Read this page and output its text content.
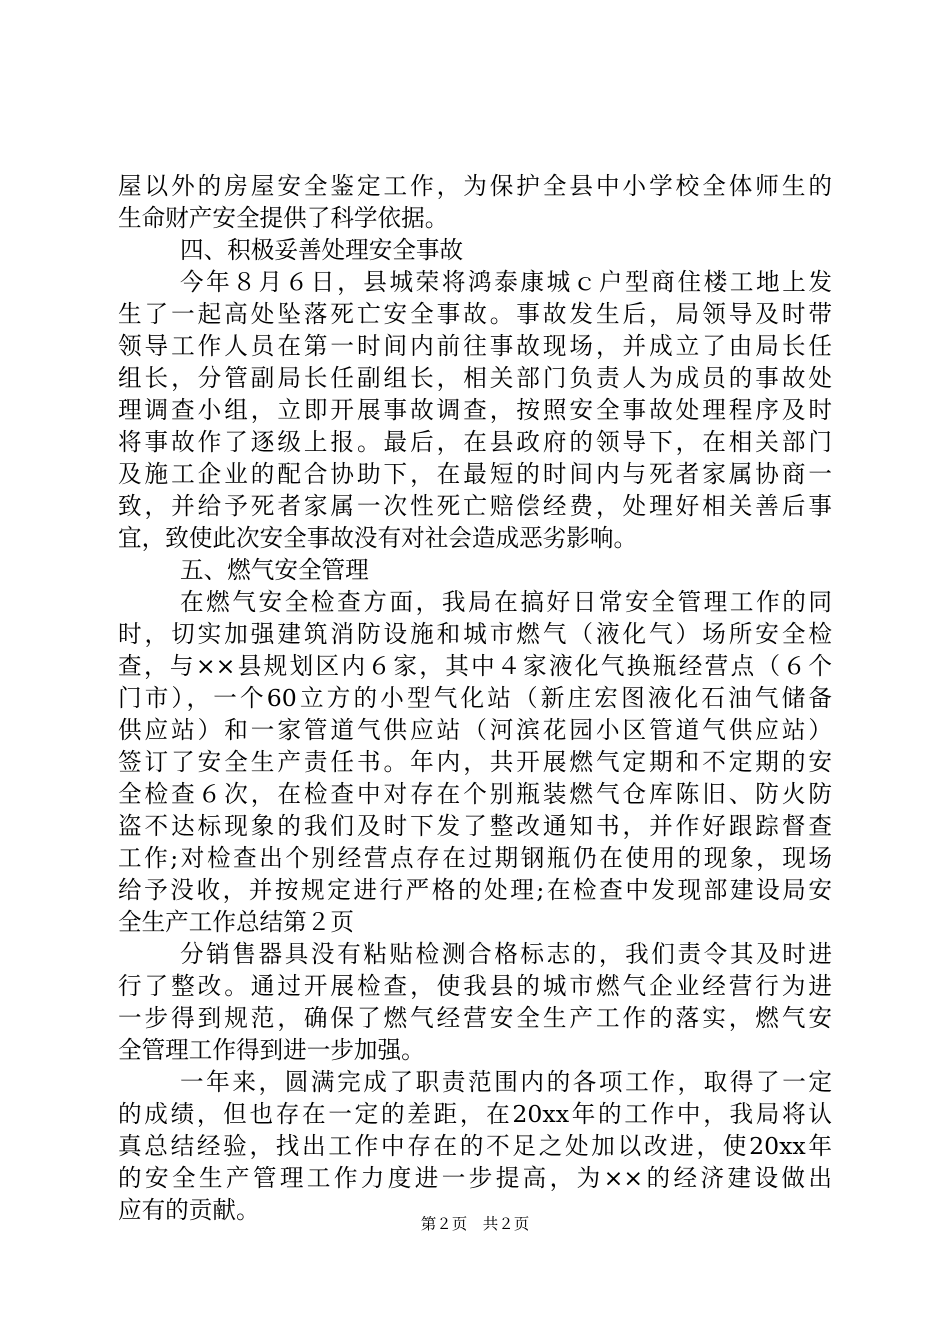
屋以外的房屋安全鉴定工作，为保护全县中小学校全体师生的
生命财产安全提供了科学依据。
四、积极妥善处理安全事故
今年８月６日，县城荣将鸿泰康城ｃ户型商住楼工地上发
生了一起高处坠落死亡安全事故。事故发生后，局领导及时带
领导工作人员在第一时间内前往事故现场，并成立了由局长任
组长，分管副局长任副组长，相关部门负责人为成员的事故处
理调查小组，立即开展事故调查，按照安全事故处理程序及时
将事故作了逐级上报。最后，在县政府的领导下，在相关部门
及施工企业的配合协助下，在最短的时间内与死者家属协商一
致，并给予死者家属一次性死亡赔偿经费，处理好相关善后事
宜，致使此次安全事故没有对社会造成恶劣影响。
五、燃气安全管理
在燃气安全检查方面，我局在搞好日常安全管理工作的同
时，切实加强建筑消防设施和城市燃气（液化气）场所安全检
查，与××县规划区内６家，其中４家液化气换瓶经营点（６个
门市），一个60立方的小型气化站（新庄宏图液化石油气储备
供应站）和一家管道气供应站（河滨花园小区管道气供应站）
签订了安全生产责任书。年内，共开展燃气定期和不定期的安
全检查６次，在检查中对存在个别瓶装燃气仓库陈旧、防火防
盗不达标现象的我们及时下发了整改通知书，并作好跟踪督查
工作;对检查出个别经营点存在过期钢瓶仍在使用的现象，现场
给予没收，并按规定进行严格的处理;在检查中发现部建设局安
全生产工作总结第２页
分销售器具没有粘贴检测合格标志的，我们责令其及时进
行了整改。通过开展检查，使我县的城市燃气企业经营行为进
一步得到规范，确保了燃气经营安全生产工作的落实，燃气安
全管理工作得到进一步加强。
一年来，圆满完成了职责范围内的各项工作，取得了一定
的成绩，但也存在一定的差距，在20xx年的工作中，我局将认
真总结经验，找出工作中存在的不足之处加以改进，使20xx年
的安全生产管理工作力度进一步提高，为××的经济建设做出
应有的贡献。	第２页　共２页
